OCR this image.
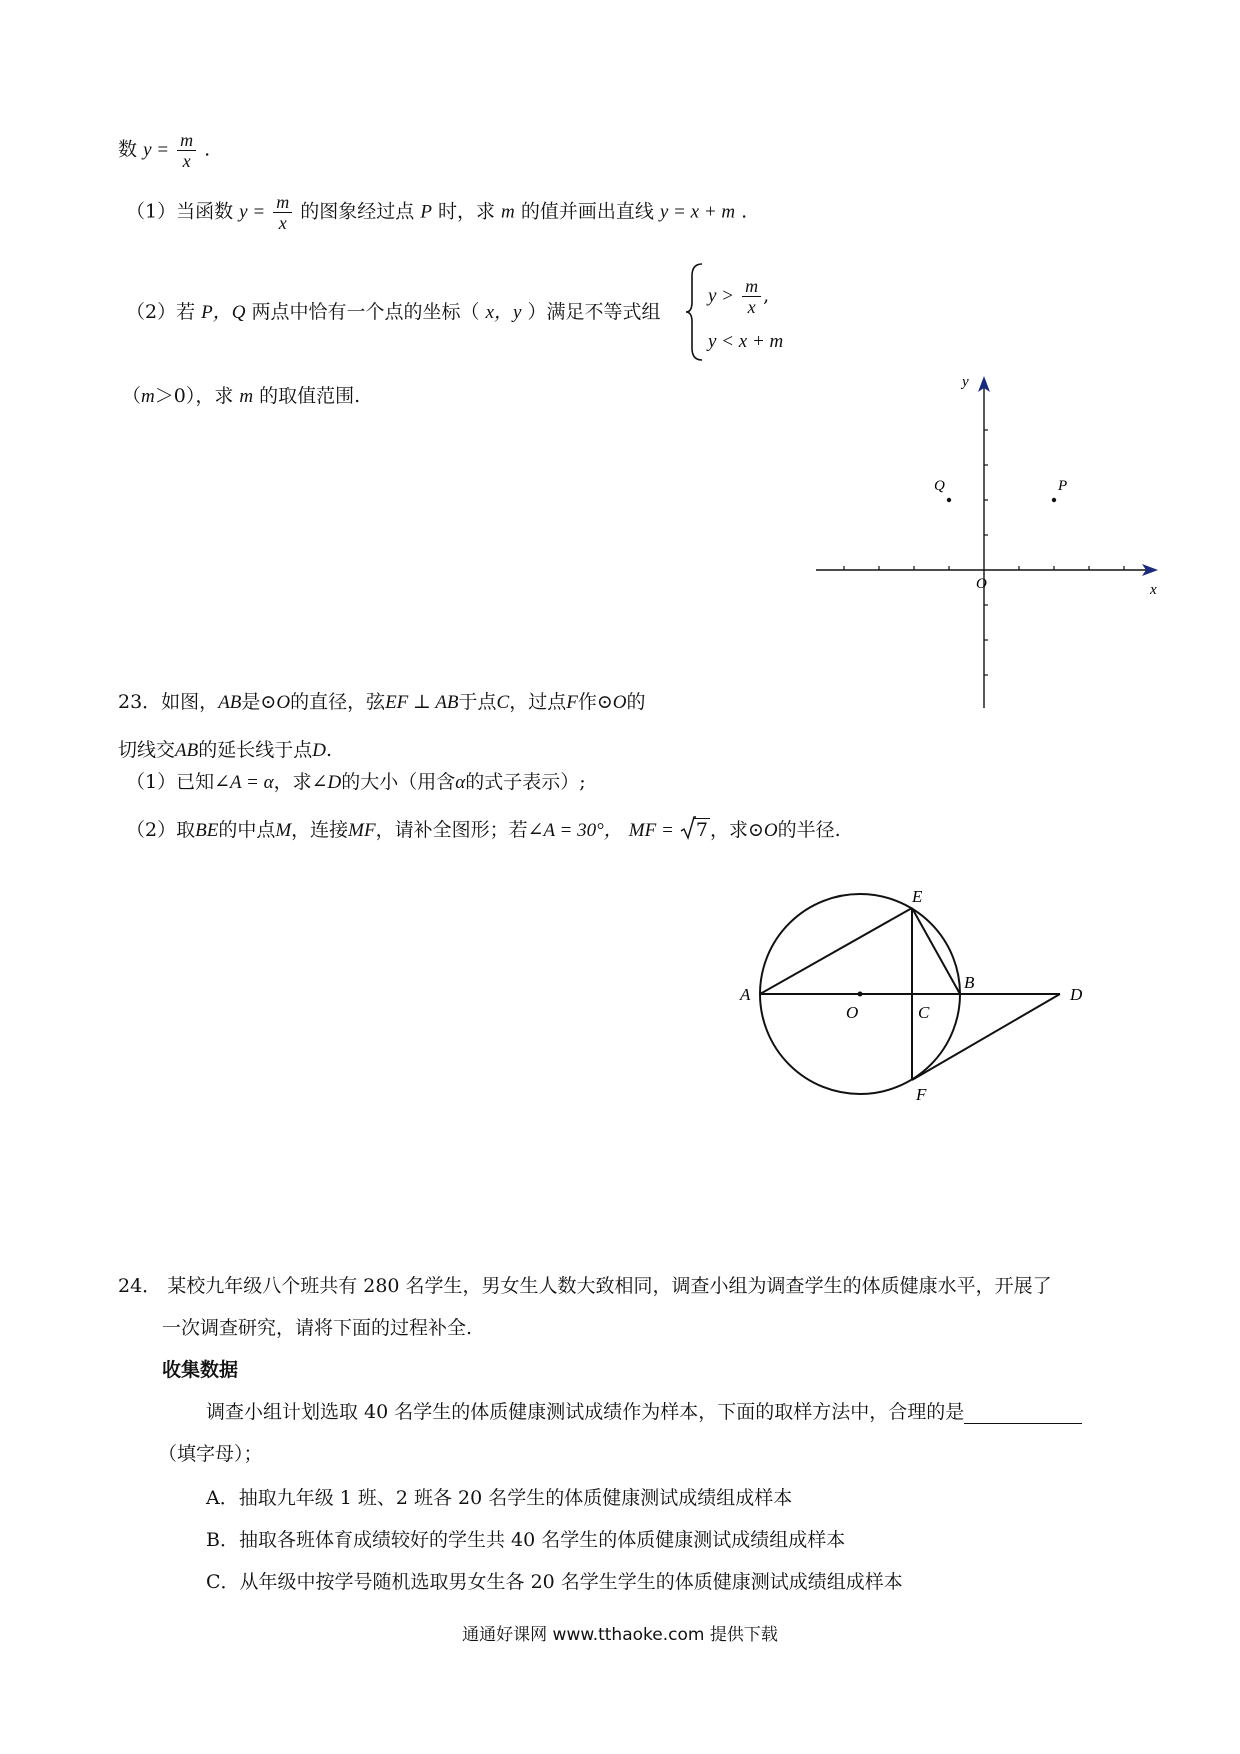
数 $y = \frac{m}{x}$ .
（1）当函数 $y = \frac{m}{x}$ 的图象经过点 P 时，求 m 的值并画出直线 y = x + m .
（2）若 P，Q 两点中恰有一个点的坐标（ x，y ）满足不等式组
$y > \frac{m}{x}$ ,
y < x + m
（m＞0），求 m 的取值范围.
O	x
y
P
Q
23．如图，AB是⊙O的直径，弦EF ⊥ AB于点C，过点F作⊙O的
切线交AB的延长线于点D.
（1）已知∠A = α，求∠D的大小（用含α的式子表示）;
（2）取BE的中点M，连接MF，请补全图形；若∠A = 30°， MF = 7 ，求⊙O的半径.
A
B
C
D
E
F
O
24． 某校九年级八个班共有 280 名学生，男女生人数大致相同，调查小组为调查学生的体质健康水平，开展了
一次调查研究，请将下面的过程补全.
收集数据
调查小组计划选取 40 名学生的体质健康测试成绩作为样本，下面的取样方法中，合理的是
（填字母）；
A．抽取九年级 1 班、2 班各 20 名学生的体质健康测试成绩组成样本
B．抽取各班体育成绩较好的学生共 40 名学生的体质健康测试成绩组成样本
C．从年级中按学号随机选取男女生各 20 名学生学生的体质健康测试成绩组成样本
通通好课网 www.tthaoke.com 提供下载
